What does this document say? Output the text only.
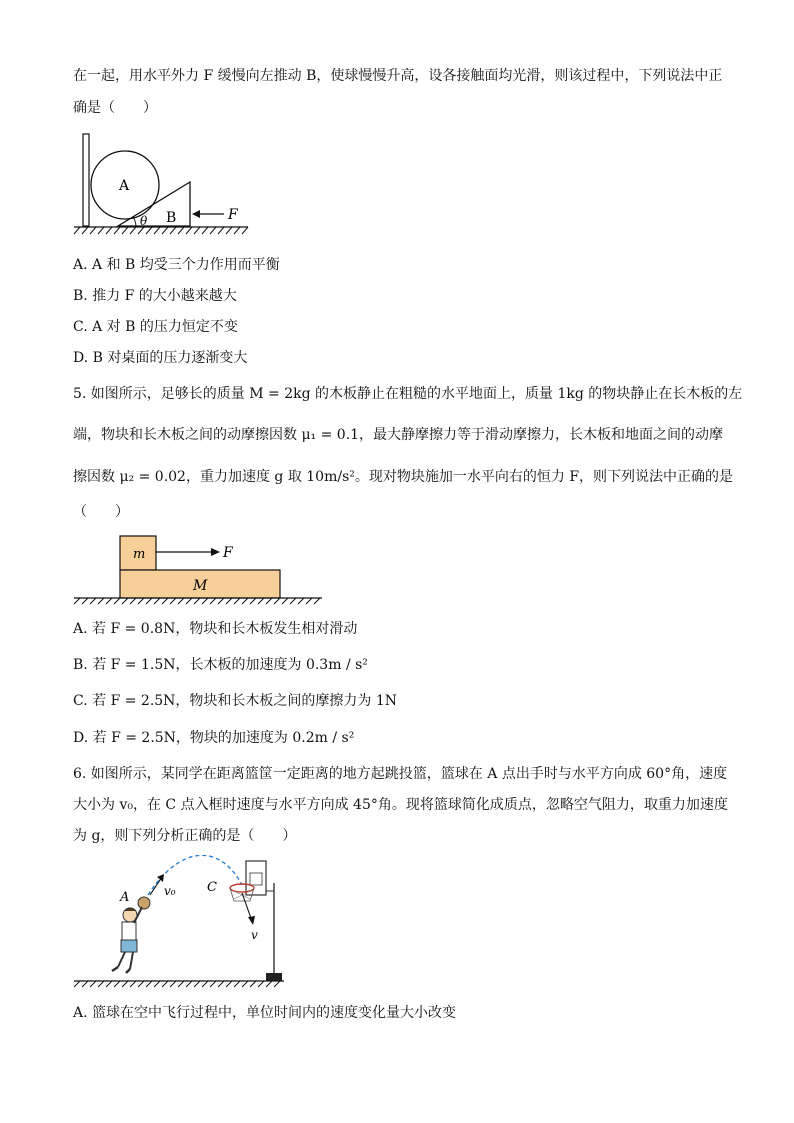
在一起，用水平外力 F 缓慢向左推动 B，使球慢慢升高，设各接触面均光滑，则该过程中，下列说法中正
确是（　　）
A
B
θ	F
A. A 和 B 均受三个力作用而平衡
B. 推力 F 的大小越来越大
C. A 对 B 的压力恒定不变
D. B 对桌面的压力逐渐变大
5. 如图所示，足够长的质量 M = 2kg 的木板静止在粗糙的水平地面上，质量 1kg 的物块静止在长木板的左
端，物块和长木板之间的动摩擦因数 μ₁ = 0.1，最大静摩擦力等于滑动摩擦力，长木板和地面之间的动摩
擦因数 μ₂ = 0.02，重力加速度 g 取 10m/s²。现对物块施加一水平向右的恒力 F，则下列说法中正确的是
（　　）
m	F
M
A. 若 F = 0.8N，物块和长木板发生相对滑动
B. 若 F = 1.5N，长木板的加速度为 0.3m / s²
C. 若 F = 2.5N，物块和长木板之间的摩擦力为 1N
D. 若 F = 2.5N，物块的加速度为 0.2m / s²
6. 如图所示，某同学在距离篮筐一定距离的地方起跳投篮，篮球在 A 点出手时与水平方向成 60°角，速度
大小为 v₀，在 C 点入框时速度与水平方向成 45°角。现将篮球简化成质点，忽略空气阻力，取重力加速度
为 g，则下列分析正确的是（　　）
A	v₀ C
v
A. 篮球在空中飞行过程中，单位时间内的速度变化量大小改变
